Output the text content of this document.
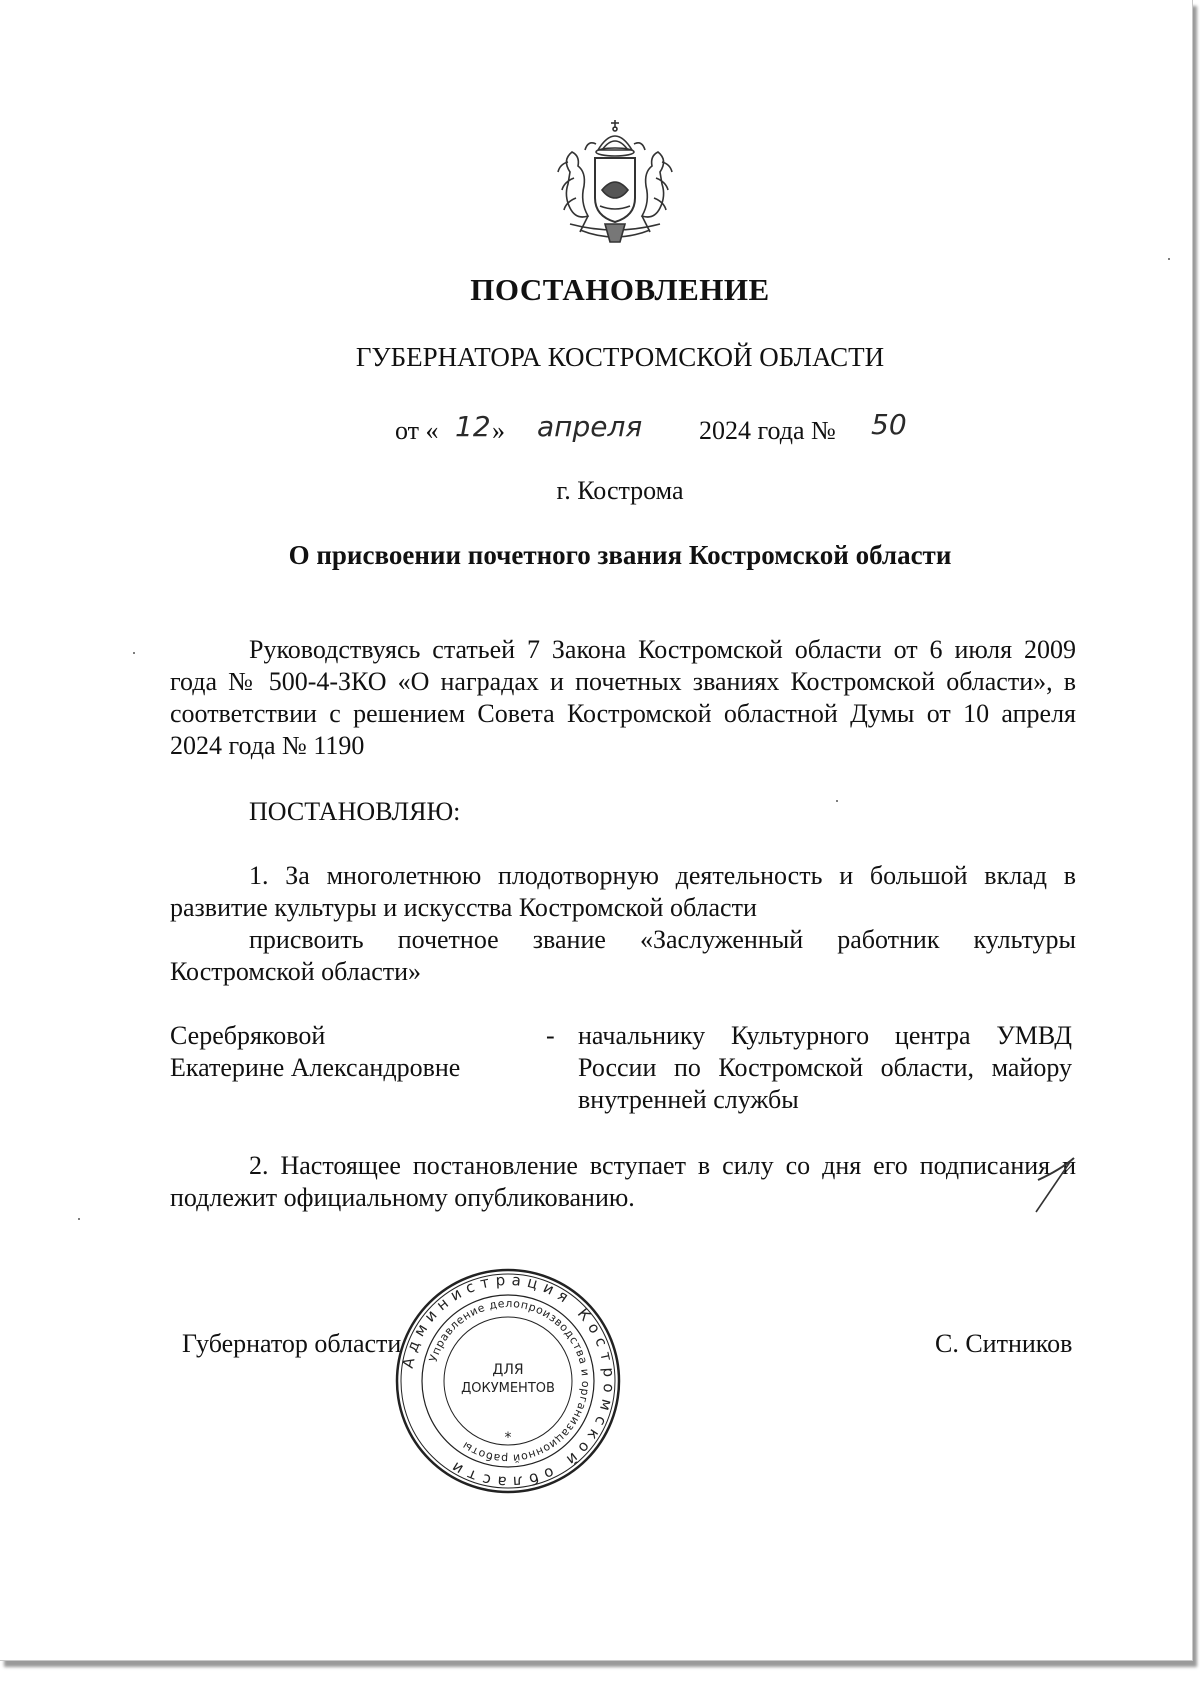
ПОСТАНОВЛЕНИЕ
ГУБЕРНАТОРА КОСТРОМСКОЙ ОБЛАСТИ
от « 12 » апреля 2024 года № 50
г. Кострома
О присвоении почетного звания Костромской области
Руководствуясь статьей 7 Закона Костромской области от 6 июля 2009 года № 500-4-ЗКО «О наградах и почетных званиях Костромской области», в соответствии с решением Совета Костромской областной Думы от 10 апреля 2024 года № 1190
ПОСТАНОВЛЯЮ:
1. За многолетнюю плодотворную деятельность и большой вклад в развитие культуры и искусства Костромской области
присвоить почетное звание «Заслуженный работник культуры Костромской области»
Серебряковой
Екатерине Александровне
- начальнику Культурного центра УМВД России по Костромской области, майору внутренней службы
2. Настоящее постановление вступает в силу со дня его подписания и подлежит официальному опубликованию.
Губернатор области	С. Ситников
Администрация Костромской области
Управление делопроизводства и организационной работы
ДЛЯ
ДОКУМЕНТОВ
*
